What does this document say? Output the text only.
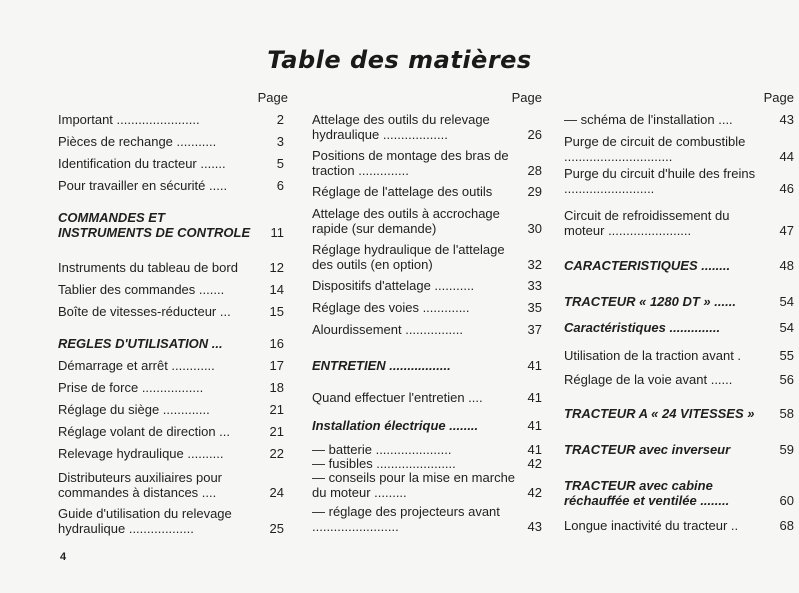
Table des matières
Page
Important .......................	2
Pièces de rechange ...........	3
Identification du tracteur .......	5
Pour travailler en sécurité .....	6
COMMANDES ET INSTRUMENTS DE CONTROLE	11
Instruments du tableau de bord	12
Tablier des commandes .......	14
Boîte de vitesses-réducteur ...	15
REGLES D'UTILISATION ...	16
Démarrage et arrêt ............	17
Prise de force .................	18
Réglage du siège .............	21
Réglage volant de direction ...	21
Relevage hydraulique ..........	22
Distributeurs auxiliaires pour commandes à distances ....	24
Guide d'utilisation du relevage hydraulique ..................	25
Page
Attelage des outils du relevage hydraulique ..................	26
Positions de montage des bras de traction ..............	28
Réglage de l'attelage des outils	29
Attelage des outils à accrochage rapide (sur demande)	30
Réglage hydraulique de l'attelage des outils (en option)	32
Dispositifs d'attelage ...........	33
Réglage des voies .............	35
Alourdissement ................	37
ENTRETIEN .................	41
Quand effectuer l'entretien ....	41
Installation électrique ........	41
— batterie .....................	41
— fusibles ......................	42
— conseils pour la mise en marche du moteur .........	42
— réglage des projecteurs avant ........................	43
Page
— schéma de l'installation ....	43
Purge de circuit de combustible ..............................	44
Purge du circuit d'huile des freins .........................	46
Circuit de refroidissement du moteur .......................	47
CARACTERISTIQUES ........	48
TRACTEUR « 1280 DT » ......	54
Caractéristiques ..............	54
Utilisation de la traction avant .	55
Réglage de la voie avant ......	56
TRACTEUR A « 24 VITESSES »	58
TRACTEUR avec inverseur	59
TRACTEUR avec cabine réchauffée et ventilée ........	60
Longue inactivité du tracteur ..	68
4
